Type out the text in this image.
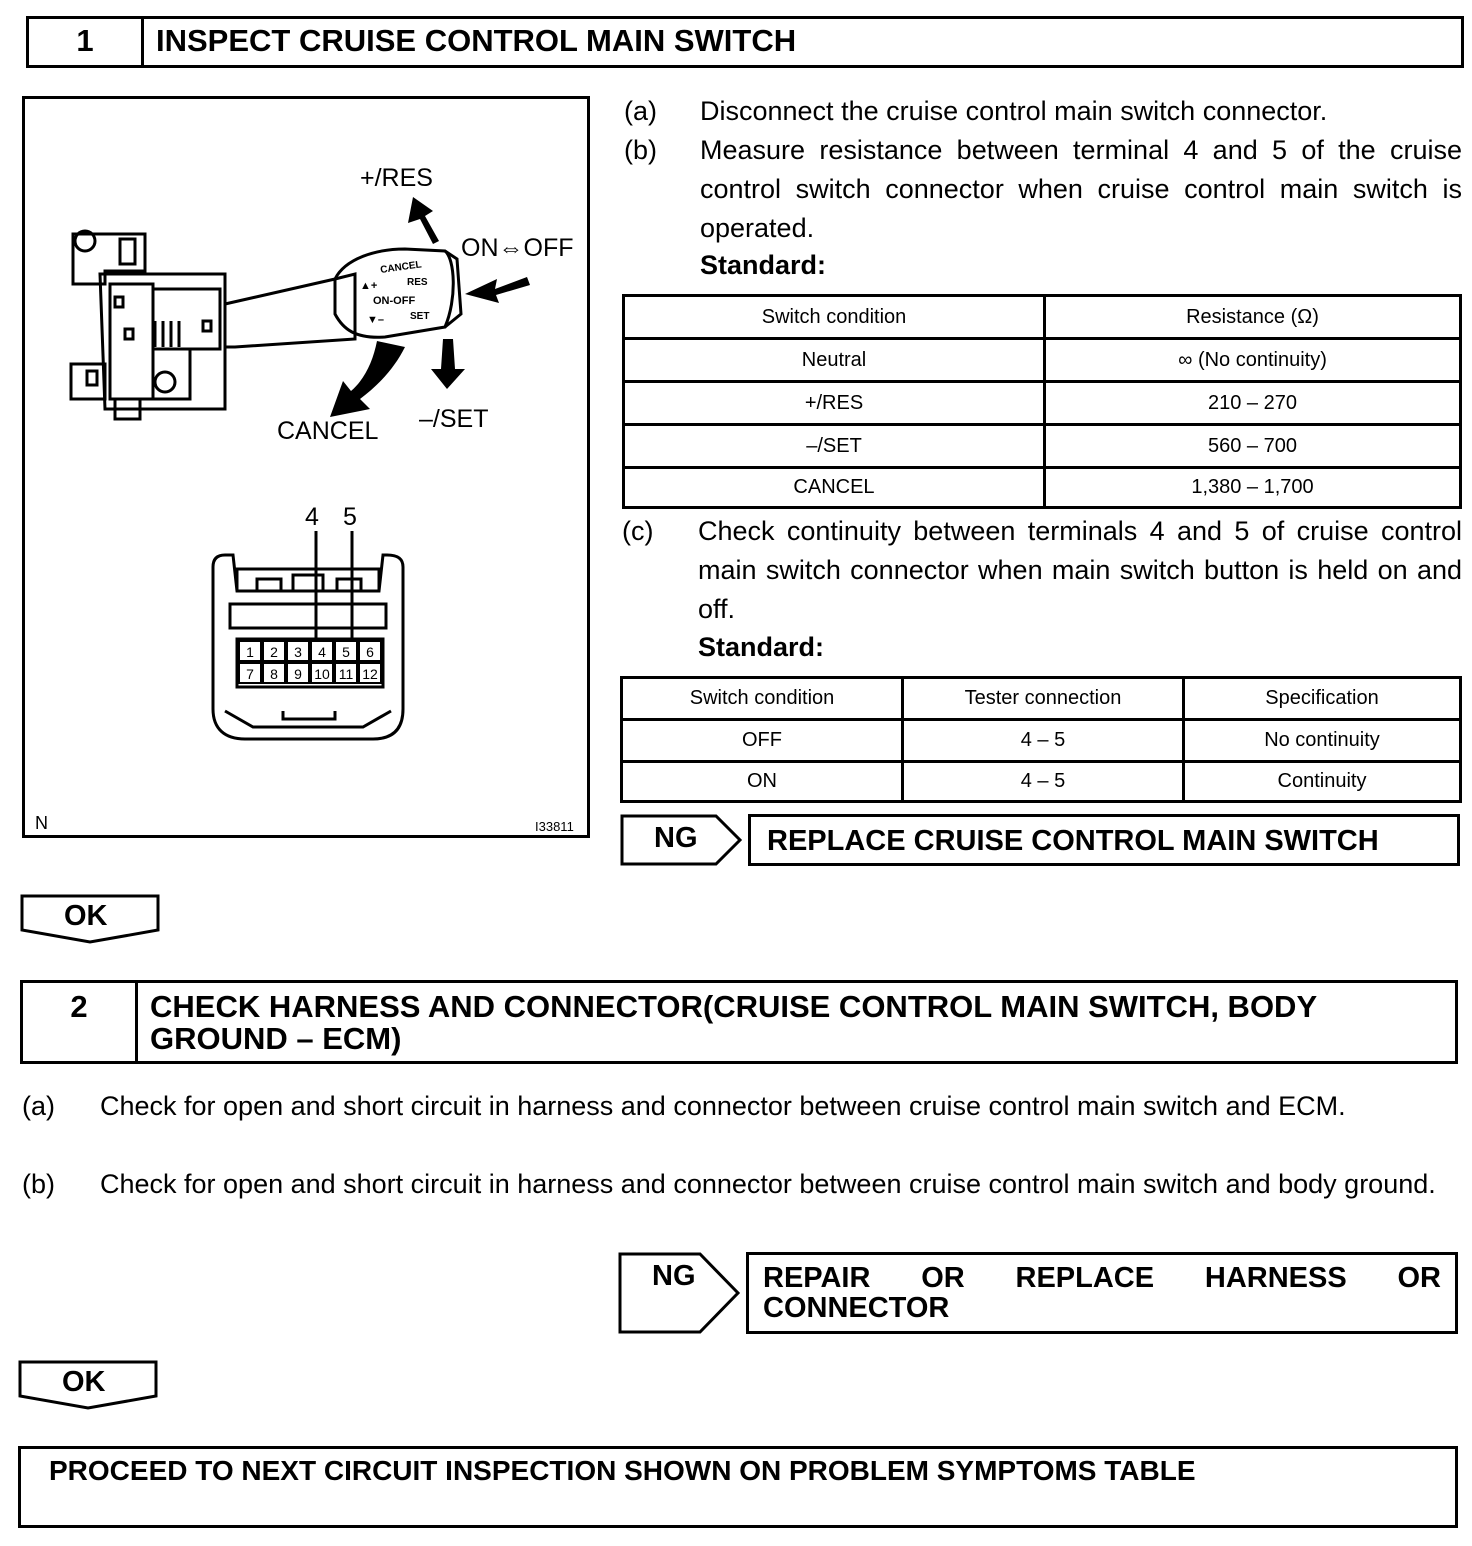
1	INSPECT CRUISE CONTROL MAIN SWITCH
CANCEL
▲+	RES
ON-OFF
▼–	SET
+/RES
ON⇔OFF
CANCEL –/SET
4 5
N	I33811
1 2 3 4 5 6
7 8 9 10 11 12
(a) Disconnect the cruise control main switch connector.
(b) Measure resistance between terminal 4 and 5 of the cruise control switch connector when cruise control main switch is operated.
Standard:
Switch condition	Resistance (Ω)
Neutral	∞ (No continuity)
+/RES	210 – 270
–/SET	560 – 700
CANCEL	1,380 – 1,700
(c) Check continuity between terminals 4 and 5 of cruise control main switch connector when main switch button is held on and off.
Standard:
Switch condition	Tester connection	Specification
OFF	4 – 5	No continuity
ON	4 – 5	Continuity
NG	REPLACE CRUISE CONTROL MAIN SWITCH
OK
2	CHECK HARNESS AND CONNECTOR(CRUISE CONTROL MAIN SWITCH, BODY
GROUND – ECM)
(a) Check for open and short circuit in harness and connector between cruise control main switch and ECM.
(b) Check for open and short circuit in harness and connector between cruise control main switch and body ground.
NG REPAIR OR REPLACE HARNESS OR
CONNECTOR
OK
PROCEED TO NEXT CIRCUIT INSPECTION SHOWN ON PROBLEM SYMPTOMS TABLE
